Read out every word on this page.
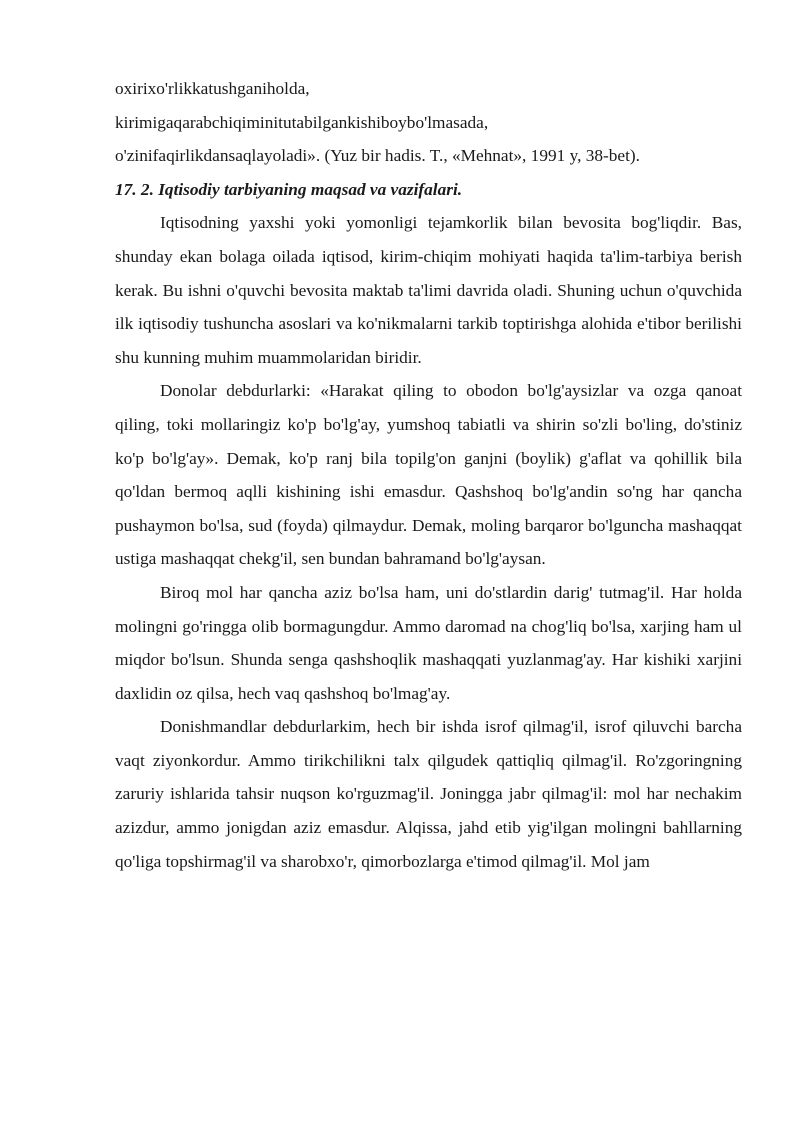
oxirixo'rlikkatushganiholda,

kirimigaqarabchiqiminitutabilgankishiboybo'lmasada,

o'zinifaqirlikdansaqlayoladi». (Yuz bir hadis. T., «Mehnat», 1991 y, 38-bet).

17. 2. Iqtisodiy tarbiyaning maqsad va vazifalari.

Iqtisodning yaxshi yoki yomonligi tejamkorlik bilan bevosita bog'liqdir. Bas, shunday ekan bolaga oilada iqtisod, kirim-chiqim mohiyati haqida ta'lim-tarbiya berish kerak. Bu ishni o'quvchi bevosita maktab ta'limi davrida oladi. Shuning uchun o'quvchida ilk iqtisodiy tushuncha asoslari va ko'nikmalarni tarkib toptirishga alohida e'tibor berilishi shu kunning muhim muammolaridan biridir.

Donolar debdurlarki: «Harakat qiling to obodon bo'lg'aysizlar va ozga qanoat qiling, toki mollaringiz ko'p bo'lg'ay, yumshoq tabiatli va shirin so'zli bo'ling, do'stiniz ko'p bo'lg'ay». Demak, ko'p ranj bila topilg'on ganjni (boylik) g'aflat va qohillik bila qo'ldan bermoq aqlli kishining ishi emasdur. Qashshoq bo'lg'andin so'ng har qancha pushaymon bo'lsa, sud (foyda) qilmaydur. Demak, moling barqaror bo'lguncha mashaqqat ustiga mashaqqat chekg'il, sen bundan bahramand bo'lg'aysan.

Biroq mol har qancha aziz bo'lsa ham, uni do'stlardin darig' tutmag'il. Har holda molingni go'ringga olib bormagungdur. Ammo daromad na chog'liq bo'lsa, xarjing ham ul miqdor bo'lsun. Shunda senga qashshoqlik mashaqqati yuzlanmag'ay. Har kishiki xarjini daxlidin oz qilsa, hech vaq qashshoq bo'lmag'ay.

Donishmandlar debdurlarkim, hech bir ishda isrof qilmag'il, isrof qiluvchi barcha vaqt ziyonkordur. Ammo tirikchilikni talx qilgudek qattiqliq qilmag'il. Ro'zgoringning zaruriy ishlarida tahsir nuqson ko'rguzmag'il. Joningga jabr qilmag'il: mol har nechakim azizdur, ammo jonigdan aziz emasdur. Alqissa, jahd etib yig'ilgan molingni bahllarning qo'liga topshirmag'il va sharobxo'r, qimorbozlarga e'timod qilmag'il. Mol jam
